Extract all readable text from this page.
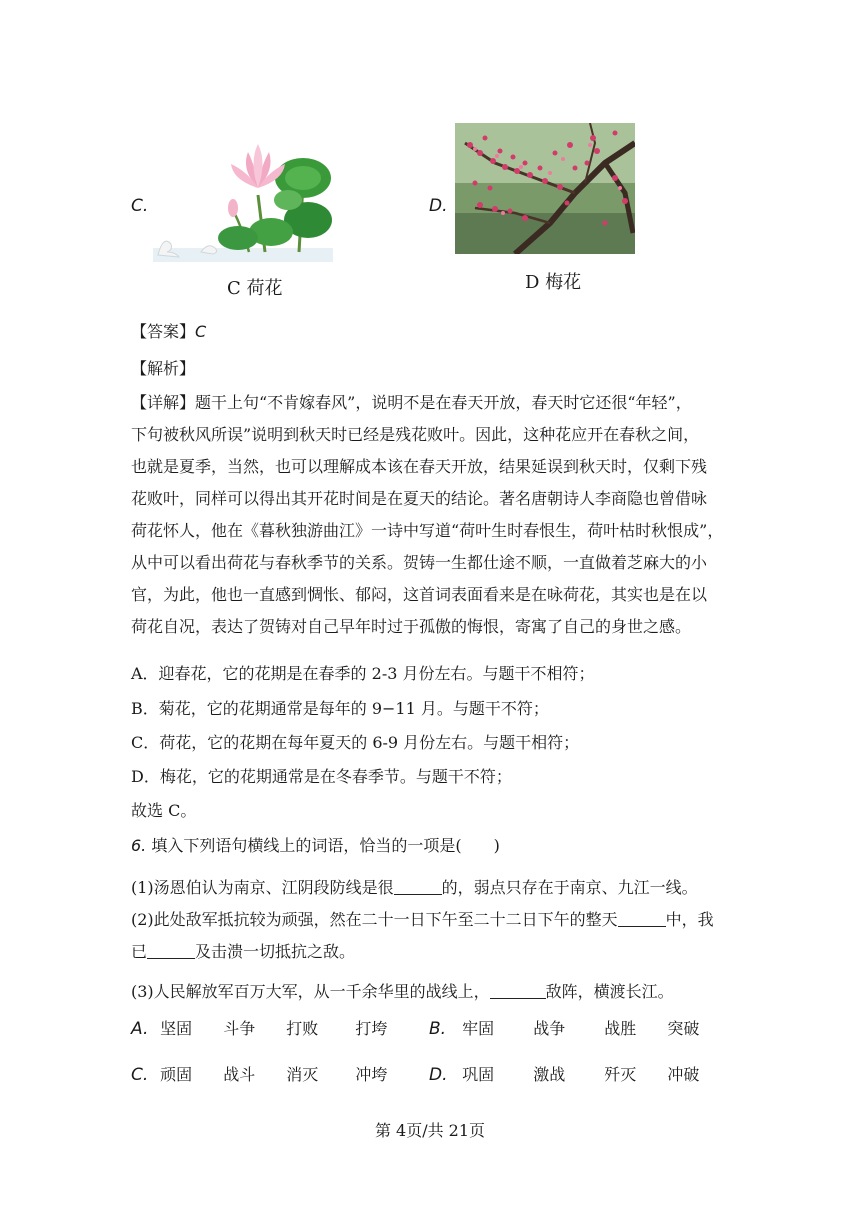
C.
C 荷花
D.
D 梅花
【答案】C
【解析】
【详解】题干上句“不肯嫁春风”，说明不是在春天开放，春天时它还很“年轻”，
下句被秋风所误”说明到秋天时已经是残花败叶。因此，这种花应开在春秋之间，
也就是夏季，当然，也可以理解成本该在春天开放，结果延误到秋天时，仅剩下残
花败叶，同样可以得出其开花时间是在夏天的结论。著名唐朝诗人李商隐也曾借咏
荷花怀人，他在《暮秋独游曲江》一诗中写道“荷叶生时春恨生，荷叶枯时秋恨成”，
从中可以看出荷花与春秋季节的关系。贺铸一生都仕途不顺，一直做着芝麻大的小
官，为此，他也一直感到惆怅、郁闷，这首词表面看来是在咏荷花，其实也是在以
荷花自况，表达了贺铸对自己早年时过于孤傲的悔恨，寄寓了自己的身世之感。
A．迎春花，它的花期是在春季的 2-3 月份左右。与题干不相符；
B．菊花，它的花期通常是每年的 9−11 月。与题干不符；
C．荷花，它的花期在每年夏天的 6-9 月份左右。与题干相符；
D．梅花，它的花期通常是在冬春季节。与题干不符；
故选 C。
6. 填入下列语句横线上的词语，恰当的一项是(　　)
(1)汤恩伯认为南京、江阴段防线是很	的，弱点只存在于南京、九江一线。
(2)此处敌军抵抗较为顽强，然在二十一日下午至二十二日下午的整天	中，我
已	及击溃一切抵抗之敌。
(3)人民解放军百万大军，从一千余华里的战线上，	敌阵，横渡长江。
A. 坚固 斗争 打败 打垮 B. 牢固 战争 战胜 突破
C. 顽固 战斗 消灭 冲垮 D. 巩固 激战 歼灭 冲破
第 4页/共 21页
